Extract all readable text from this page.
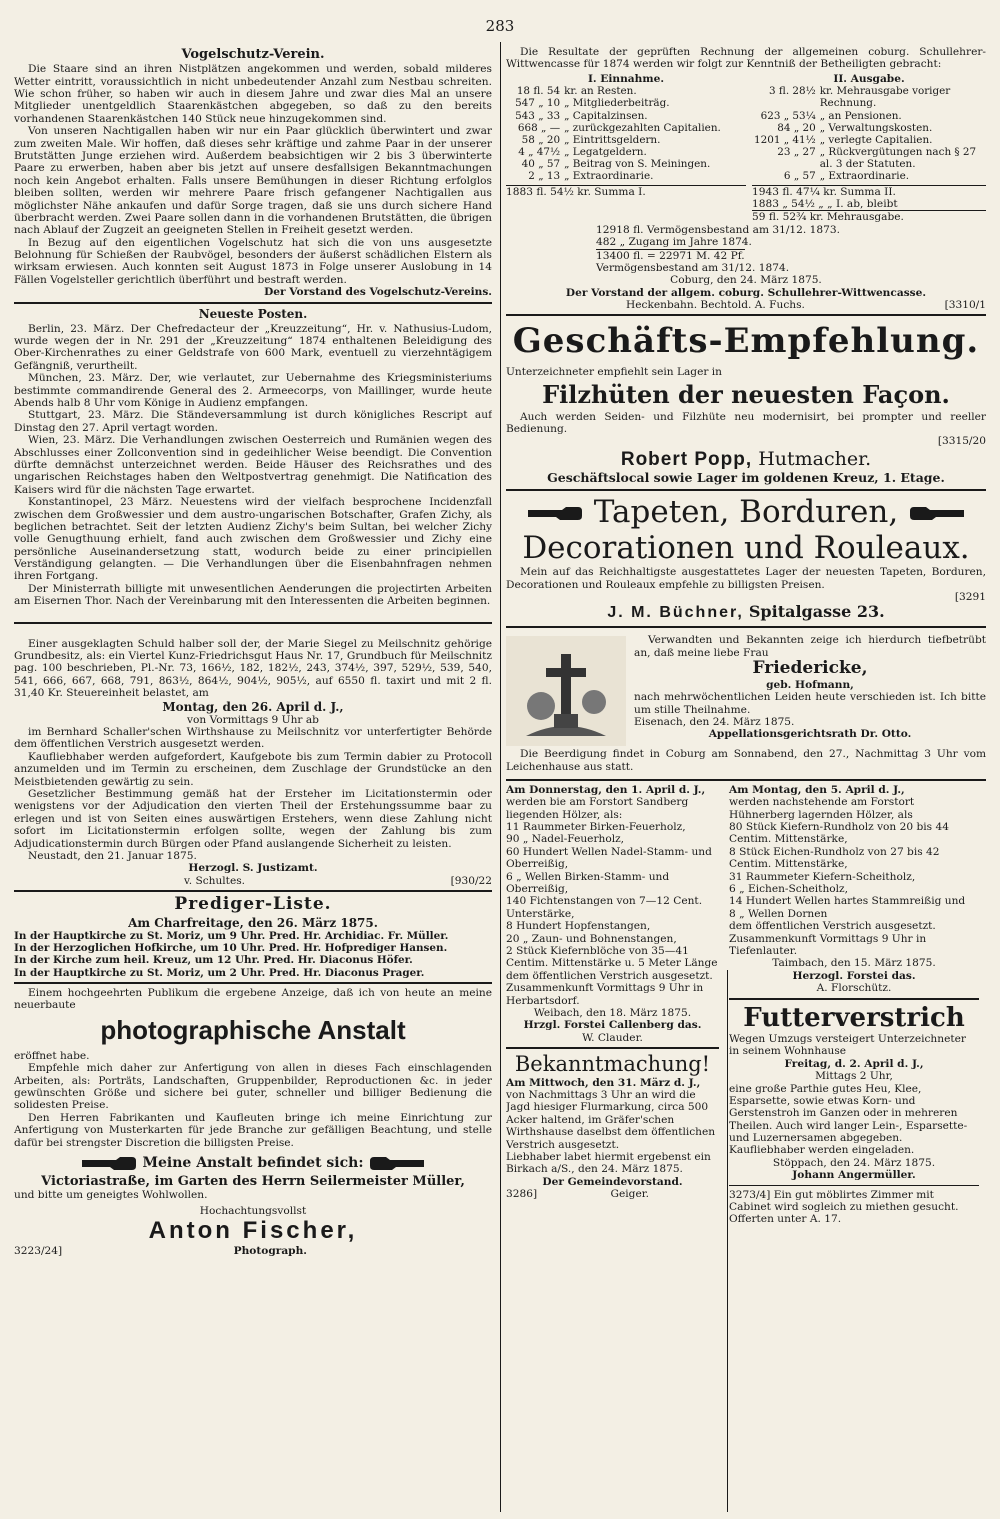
283
Vogelschutz-Verein.

Die Staare sind an ihren Nistplätzen angekommen und werden, sobald milderes Wetter eintritt, voraussichtlich in nicht unbedeutender Anzahl zum Nestbau schreiten. Wie schon früher, so haben wir auch in diesem Jahre und zwar dies Mal an unsere Mitglieder unentgeldlich Staarenkästchen abgegeben, so daß zu den bereits vorhandenen Staarenkästchen 140 Stück neue hinzugekommen sind.

Von unseren Nachtigallen haben wir nur ein Paar glücklich überwintert und zwar zum zweiten Male. Wir hoffen, daß dieses sehr kräftige und zahme Paar in der unserer Brutstätten Junge erziehen wird. Außerdem beabsichtigen wir 2 bis 3 überwinterte Paare zu erwerben, haben aber bis jetzt auf unsere desfallsigen Bekanntmachungen noch kein Angebot erhalten. Falls unsere Bemühungen in dieser Richtung erfolglos bleiben sollten, werden wir mehrere Paare frisch gefangener Nachtigallen aus möglichster Nähe ankaufen und dafür Sorge tragen, daß sie uns durch sichere Hand überbracht werden. Zwei Paare sollen dann in die vorhandenen Brutstätten, die übrigen nach Ablauf der Zugzeit an geeigneten Stellen in Freiheit gesetzt werden.

In Bezug auf den eigentlichen Vogelschutz hat sich die von uns ausgesetzte Belohnung für Schießen der Raubvögel, besonders der äußerst schädlichen Elstern als wirksam erwiesen. Auch konnten seit August 1873 in Folge unserer Auslobung in 14 Fällen Vogelsteller gerichtlich überführt und bestraft werden.

Der Vorstand des Vogelschutz-Vereins.
Neueste Posten.

Berlin, 23. März. Der Chefredacteur der „Kreuzzeitung“, Hr. v. Nathusius-Ludom, wurde wegen der in Nr. 291 der „Kreuzzeitung“ 1874 enthaltenen Beleidigung des Ober-Kirchenrathes zu einer Geldstrafe von 600 Mark, eventuell zu vierzehntägigem Gefängniß, verurtheilt.

München, 23. März. Der, wie verlautet, zur Uebernahme des Kriegsministeriums bestimmte commandirende General des 2. Armeecorps, von Maillinger, wurde heute Abends halb 8 Uhr vom Könige in Audienz empfangen.

Stuttgart, 23. März. Die Ständeversammlung ist durch königliches Rescript auf Dinstag den 27. April vertagt worden.

Wien, 23. März. Die Verhandlungen zwischen Oesterreich und Rumänien wegen des Abschlusses einer Zollconvention sind in gedeihlicher Weise beendigt. Die Convention dürfte demnächst unterzeichnet werden. Beide Häuser des Reichsrathes und des ungarischen Reichstages haben den Weltpostvertrag genehmigt. Die Natification des Kaisers wird für die nächsten Tage erwartet.

Konstantinopel, 23 März. Neuestens wird der vielfach besprochene Incidenzfall zwischen dem Großwessier und dem austro-ungarischen Botschafter, Grafen Zichy, als beglichen betrachtet. Seit der letzten Audienz Zichy's beim Sultan, bei welcher Zichy volle Genugthuung erhielt, fand auch zwischen dem Großwessier und Zichy eine persönliche Auseinandersetzung statt, wodurch beide zu einer principiellen Verständigung gelangten. — Die Verhandlungen über die Eisenbahnfragen nehmen ihren Fortgang.

Der Ministerrath billigte mit unwesentlichen Aenderungen die projectirten Arbeiten am Eisernen Thor. Nach der Vereinbarung mit den Interessenten die Arbeiten beginnen.

Einer ausgeklagten Schuld halber soll der, der Marie Siegel zu Meilschnitz gehörige Grundbesitz, als: ein Viertel Kunz-Friedrichsgut Haus Nr. 17, Grundbuch für Meilschnitz pag. 100 beschrieben, Pl.-Nr. 73, 166½, 182, 182½, 243, 374½, 397, 529½, 539, 540, 541, 666, 667, 668, 791, 863½, 864½, 904½, 905½, auf 6550 fl. taxirt und mit 2 fl. 31,40 Kr. Steuereinheit belastet, am

Montag, den 26. April d. J.,
von Vormittags 9 Uhr ab

im Bernhard Schaller'schen Wirthshause zu Meilschnitz vor unterfertigter Behörde dem öffentlichen Verstrich ausgesetzt werden.

Kaufliebhaber werden aufgefordert, Kaufgebote bis zum Termin dabier zu Protocoll anzumelden und im Termin zu erscheinen, dem Zuschlage der Grundstücke an den Meistbietenden gewärtig zu sein.

Gesetzlicher Bestimmung gemäß hat der Ersteher im Licitationstermin oder wenigstens vor der Adjudication den vierten Theil der Erstehungssumme baar zu erlegen und ist von Seiten eines auswärtigen Erstehers, wenn diese Zahlung nicht sofort im Licitationstermin erfolgen sollte, wegen der Zahlung bis zum Adjudicationstermin durch Bürgen oder Pfand auslangende Sicherheit zu leisten.

Neustadt, den 21. Januar 1875.

Herzogl. S. Justizamt.
v. Schultes.	[930/22
Prediger-Liste.
Am Charfreitage, den 26. März 1875.
In der Hauptkirche zu St. Moriz, um 9 Uhr. Pred. Hr. Archidiac. Fr. Müller.
In der Herzoglichen Hofkirche, um 10 Uhr. Pred. Hr. Hofprediger Hansen.
In der Kirche zum heil. Kreuz, um 12 Uhr. Pred. Hr. Diaconus Höfer.
In der Hauptkirche zu St. Moriz, um 2 Uhr. Pred. Hr. Diaconus Prager.

Einem hochgeehrten Publikum die ergebene Anzeige, daß ich von heute an meine neuerbaute

photographische Anstalt

eröffnet habe.

Empfehle mich daher zur Anfertigung von allen in dieses Fach einschlagenden Arbeiten, als: Porträts, Landschaften, Gruppenbilder, Reproductionen &c. in jeder gewünschten Größe und sichere bei guter, schneller und billiger Bedienung die solidesten Preise.

Den Herren Fabrikanten und Kaufleuten bringe ich meine Einrichtung zur Anfertigung von Musterkarten für jede Branche zur gefälligen Beachtung, und stelle dafür bei strengster Discretion die billigsten Preise.

Meine Anstalt befindet sich:
Victoriastraße, im Garten des Herrn Seilermeister Müller,
und bitte um geneigtes Wohlwollen.
Hochachtungsvollst
Anton Fischer,
3223/24]	Photograph.

Die Resultate der geprüften Rechnung der allgemeinen coburg. Schullehrer-Wittwencasse für 1874 werden wir folgt zur Kenntniß der Betheiligten gebracht:

I. Einnahme.
18 fl. 54	kr. an Resten.
547 „ 10	„ Mitgliederbeiträg.
543 „ 33	„ Capitalzinsen.
668 „ —	„ zurückgezahlten Capitalien.
58 „ 20	„ Eintrittsgeldern.
4 „ 47½	„ Legatgeldern.
40 „ 57	„ Beitrag von S. Meiningen.
2 „ 13	„ Extraordinarie.
1883 fl. 54½ kr. Summa I.
II. Ausgabe.
3 fl. 28½	kr. Mehrausgabe voriger Rechnung.
623 „ 53¼	„ an Pensionen.
84 „ 20	„ Verwaltungskosten.
1201 „ 41½	„ verlegte Capitalien.
23 „ 27	„ Rückvergütungen nach § 27 al. 3 der Statuten.
6 „ 57	„ Extraordinarie.
1943 fl. 47¼ kr. Summa II.
1883 „ 54½ „ „ I. ab, bleibt
59 fl. 52¾ kr. Mehrausgabe.
12918 fl. Vermögensbestand am 31/12. 1873.
482 „ Zugang im Jahre 1874.
13400 fl. = 22971 M. 42 Pf.
Vermögensbestand am 31/12. 1874.
Coburg, den 24. März 1875.
Der Vorstand der allgem. coburg. Schullehrer-Wittwencasse.
Heckenbahn. Bechtold. A. Fuchs.	[3310/1
Geschäfts-Empfehlung.
Unterzeichneter empfiehlt sein Lager in
Filzhüten der neuesten Façon.

Auch werden Seiden- und Filzhüte neu modernisirt, bei prompter und reeller Bedienung.

[3315/20
Robert Popp, Hutmacher.
Geschäftslocal sowie Lager im goldenen Kreuz, 1. Etage.
Tapeten, Borduren,
Decorationen und Rouleaux.

Mein auf das Reichhaltigste ausgestattetes Lager der neuesten Tapeten, Borduren, Decorationen und Rouleaux empfehle zu billigsten Preisen.

[3291
J. M. Büchner, Spitalgasse 23.

Verwandten und Bekannten zeige ich hierdurch tiefbetrübt an, daß meine liebe Frau

Friedericke,
geb. Hofmann,

nach mehrwöchentlichen Leiden heute verschieden ist. Ich bitte um stille Theilnahme.

Eisenach, den 24. März 1875.
Appellationsgerichtsrath Dr. Otto.

Die Beerdigung findet in Coburg am Sonnabend, den 27., Nachmittag 3 Uhr vom Leichenhause aus statt.

Am Donnerstag, den 1. April d. J.,
werden bie am Forstort Sandberg liegenden Hölzer, als:
11 Raummeter Birken-Feuerholz,
90 „ Nadel-Feuerholz,
60 Hundert Wellen Nadel-Stamm- und Oberreißig,
6 „ Wellen Birken-Stamm- und Oberreißig,
140 Fichtenstangen von 7—12 Cent. Unterstärke,
8 Hundert Hopfenstangen,
20 „ Zaun- und Bohnenstangen,
2 Stück Kiefernblöche von 35—41 Centim. Mittenstärke u. 5 Meter Länge
dem öffentlichen Verstrich ausgesetzt. Zusammenkunft Vormittags 9 Uhr in Herbartsdorf.
Weibach, den 18. März 1875.
Hrzgl. Forstei Callenberg das.
W. Clauder.
Bekanntmachung!
Am Mittwoch, den 31. März d. J.,
von Nachmittags 3 Uhr an wird die Jagd hiesiger Flurmarkung, circa 500 Acker haltend, im Gräfer'schen Wirthshause daselbst dem öffentlichen Verstrich ausgesetzt.
Liebhaber labet hiermit ergebenst ein Birkach a/S., den 24. März 1875.
Der Gemeindevorstand.
3286]	Geiger.
Am Montag, den 5. April d. J.,
werden nachstehende am Forstort Hühnerberg lagernden Hölzer, als
80 Stück Kiefern-Rundholz von 20 bis 44 Centim. Mittenstärke,
8 Stück Eichen-Rundholz von 27 bis 42 Centim. Mittenstärke,
31 Raummeter Kiefern-Scheitholz,
6 „ Eichen-Scheitholz,
14 Hundert Wellen hartes Stammreißig und
8 „ Wellen Dornen
dem öffentlichen Verstrich ausgesetzt. Zusammenkunft Vormittags 9 Uhr in Tiefenlauter.
Taimbach, den 15. März 1875.
Herzogl. Forstei das.
A. Florschütz.
Futterverstrich
Wegen Umzugs versteigert Unterzeichneter in seinem Wohnhause
Freitag, d. 2. April d. J.,
Mittags 2 Uhr,
eine große Parthie gutes Heu, Klee, Esparsette, sowie etwas Korn- und Gerstenstroh im Ganzen oder in mehreren Theilen. Auch wird langer Lein-, Esparsette- und Luzernersamen abgegeben. Kaufliebhaber werden eingeladen.
Stöppach, den 24. März 1875.
Johann Angermüller.
3273/4] Ein gut möblirtes Zimmer mit Cabinet wird sogleich zu miethen gesucht. Offerten unter A. 17.
